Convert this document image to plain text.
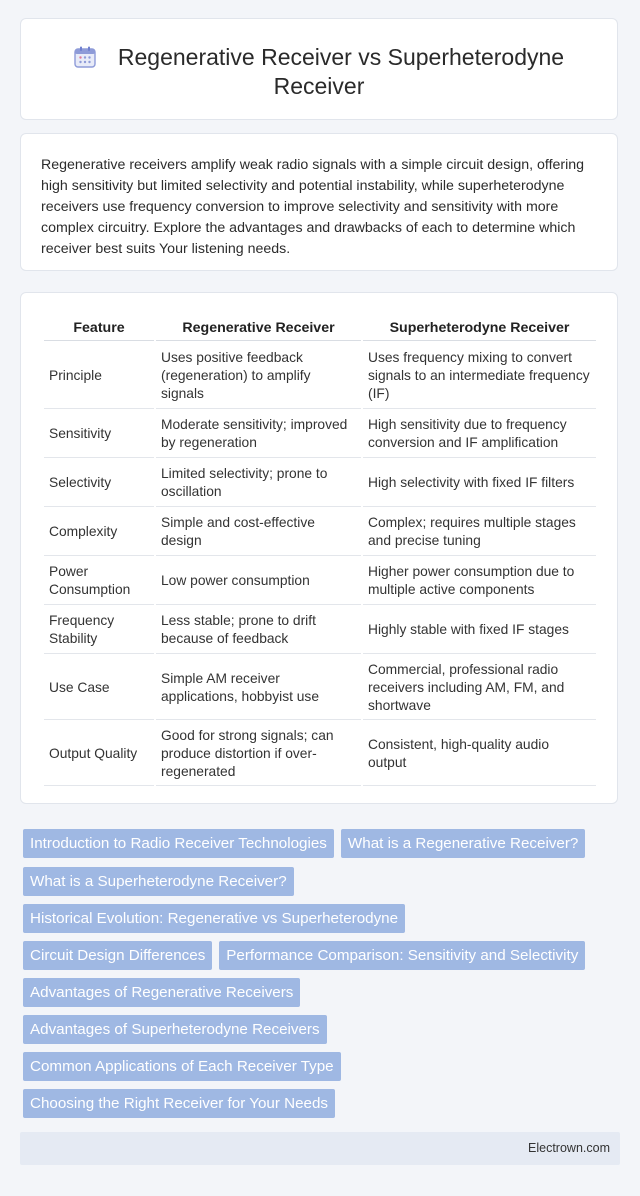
Regenerative Receiver vs Superheterodyne Receiver

Regenerative receivers amplify weak radio signals with a simple circuit design, offering high sensitivity but limited selectivity and potential instability, while superheterodyne receivers use frequency conversion to improve selectivity and sensitivity with more complex circuitry. Explore the advantages and drawbacks of each to determine which receiver best suits Your listening needs.

Feature	Regenerative Receiver	Superheterodyne Receiver
Principle	Uses positive feedback (regeneration) to amplify signals	Uses frequency mixing to convert signals to an intermediate frequency (IF)
Sensitivity	Moderate sensitivity; improved by regeneration	High sensitivity due to frequency conversion and IF amplification
Selectivity	Limited selectivity; prone to oscillation	High selectivity with fixed IF filters
Complexity	Simple and cost-effective design	Complex; requires multiple stages and precise tuning
Power Consumption	Low power consumption	Higher power consumption due to multiple active components
Frequency Stability	Less stable; prone to drift because of feedback	Highly stable with fixed IF stages
Use Case	Simple AM receiver applications, hobbyist use	Commercial, professional radio receivers including AM, FM, and shortwave
Output Quality	Good for strong signals; can produce distortion if over-regenerated	Consistent, high-quality audio output
Introduction to Radio Receiver Technologies What is a Regenerative Receiver?
What is a Superheterodyne Receiver?
Historical Evolution: Regenerative vs Superheterodyne
Circuit Design Differences Performance Comparison: Sensitivity and Selectivity
Advantages of Regenerative Receivers
Advantages of Superheterodyne Receivers
Common Applications of Each Receiver Type
Choosing the Right Receiver for Your Needs
Electrown.com
